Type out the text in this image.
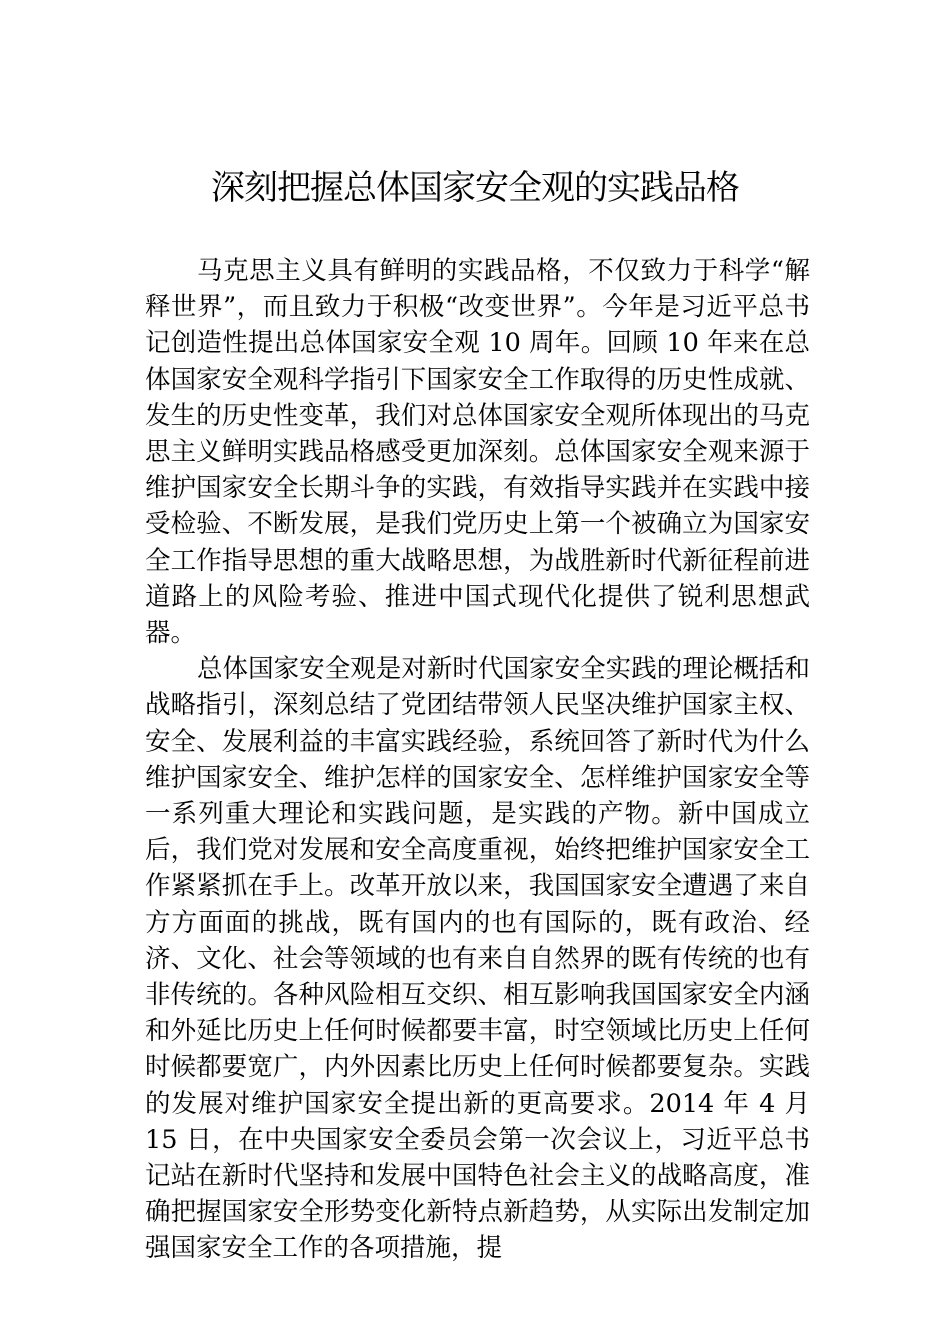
深刻把握总体国家安全观的实践品格

马克思主义具有鲜明的实践品格，不仅致力于科学“解释世界”，而且致力于积极“改变世界”。今年是习近平总书记创造性提出总体国家安全观 10 周年。回顾 10 年来在总体国家安全观科学指引下国家安全工作取得的历史性成就、发生的历史性变革，我们对总体国家安全观所体现出的马克思主义鲜明实践品格感受更加深刻。总体国家安全观来源于维护国家安全长期斗争的实践，有效指导实践并在实践中接受检验、不断发展，是我们党历史上第一个被确立为国家安全工作指导思想的重大战略思想，为战胜新时代新征程前进道路上的风险考验、推进中国式现代化提供了锐利思想武器。

总体国家安全观是对新时代国家安全实践的理论概括和战略指引，深刻总结了党团结带领人民坚决维护国家主权、安全、发展利益的丰富实践经验，系统回答了新时代为什么维护国家安全、维护怎样的国家安全、怎样维护国家安全等一系列重大理论和实践问题，是实践的产物。新中国成立后，我们党对发展和安全高度重视，始终把维护国家安全工作紧紧抓在手上。改革开放以来，我国国家安全遭遇了来自方方面面的挑战，既有国内的也有国际的，既有政治、经济、文化、社会等领域的也有来自自然界的既有传统的也有非传统的。各种风险相互交织、相互影响我国国家安全内涵和外延比历史上任何时候都要丰富，时空领域比历史上任何时候都要宽广，内外因素比历史上任何时候都要复杂。实践的发展对维护国家安全提出新的更高要求。2014 年 4 月 15 日，在中央国家安全委员会第一次会议上，习近平总书记站在新时代坚持和发展中国特色社会主义的战略高度，准确把握国家安全形势变化新特点新趋势，从实际出发制定加强国家安全工作的各项措施，提
